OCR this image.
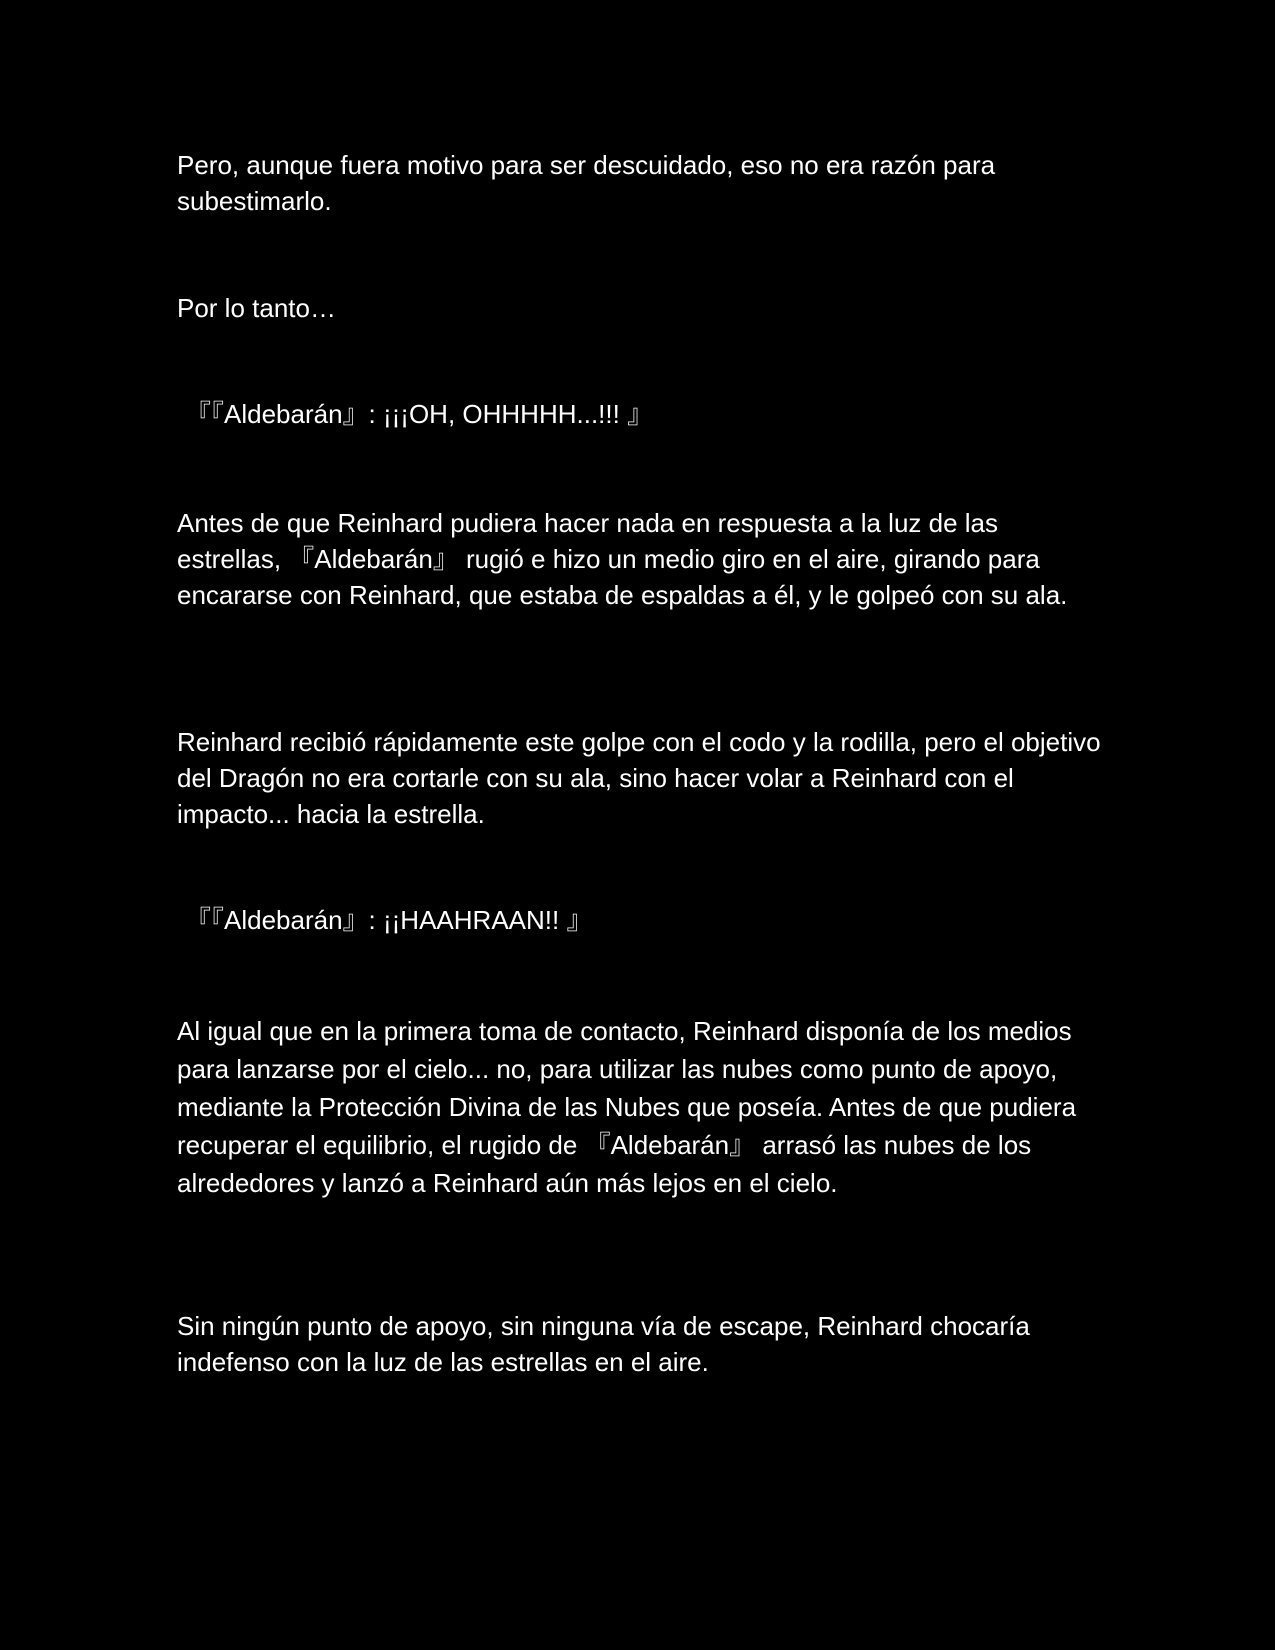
Pero, aunque fuera motivo para ser descuidado, eso no era razón para subestimarlo.

Por lo tanto…

『『Aldebarán』: ¡¡¡OH, OHHHHH...!!! 』

Antes de que Reinhard pudiera hacer nada en respuesta a la luz de las estrellas, 『Aldebarán』 rugió e hizo un medio giro en el aire, girando para encararse con Reinhard, que estaba de espaldas a él, y le golpeó con su ala.

Reinhard recibió rápidamente este golpe con el codo y la rodilla, pero el objetivo del Dragón no era cortarle con su ala, sino hacer volar a Reinhard con el impacto... hacia la estrella.

『『Aldebarán』: ¡¡HAAHRAAN!! 』

Al igual que en la primera toma de contacto, Reinhard disponía de los medios para lanzarse por el cielo... no, para utilizar las nubes como punto de apoyo, mediante la Protección Divina de las Nubes que poseía. Antes de que pudiera recuperar el equilibrio, el rugido de 『Aldebarán』 arrasó las nubes de los alrededores y lanzó a Reinhard aún más lejos en el cielo.

Sin ningún punto de apoyo, sin ninguna vía de escape, Reinhard chocaría indefenso con la luz de las estrellas en el aire.
